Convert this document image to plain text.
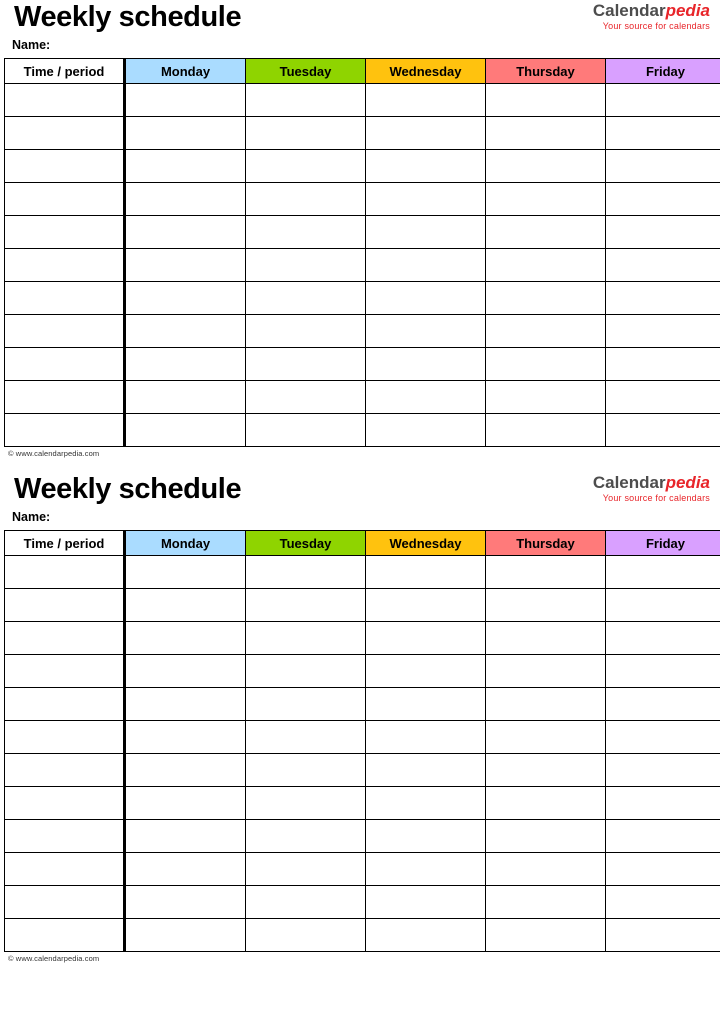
Weekly schedule	Calendarpedia
Your source for calendars
Name:
Time / period	Monday	Tuesday	Wednesday	Thursday	Friday

© www.calendarpedia.com
Weekly schedule	Calendarpedia
Your source for calendars
Name:
Time / period	Monday	Tuesday	Wednesday	Thursday	Friday

© www.calendarpedia.com
